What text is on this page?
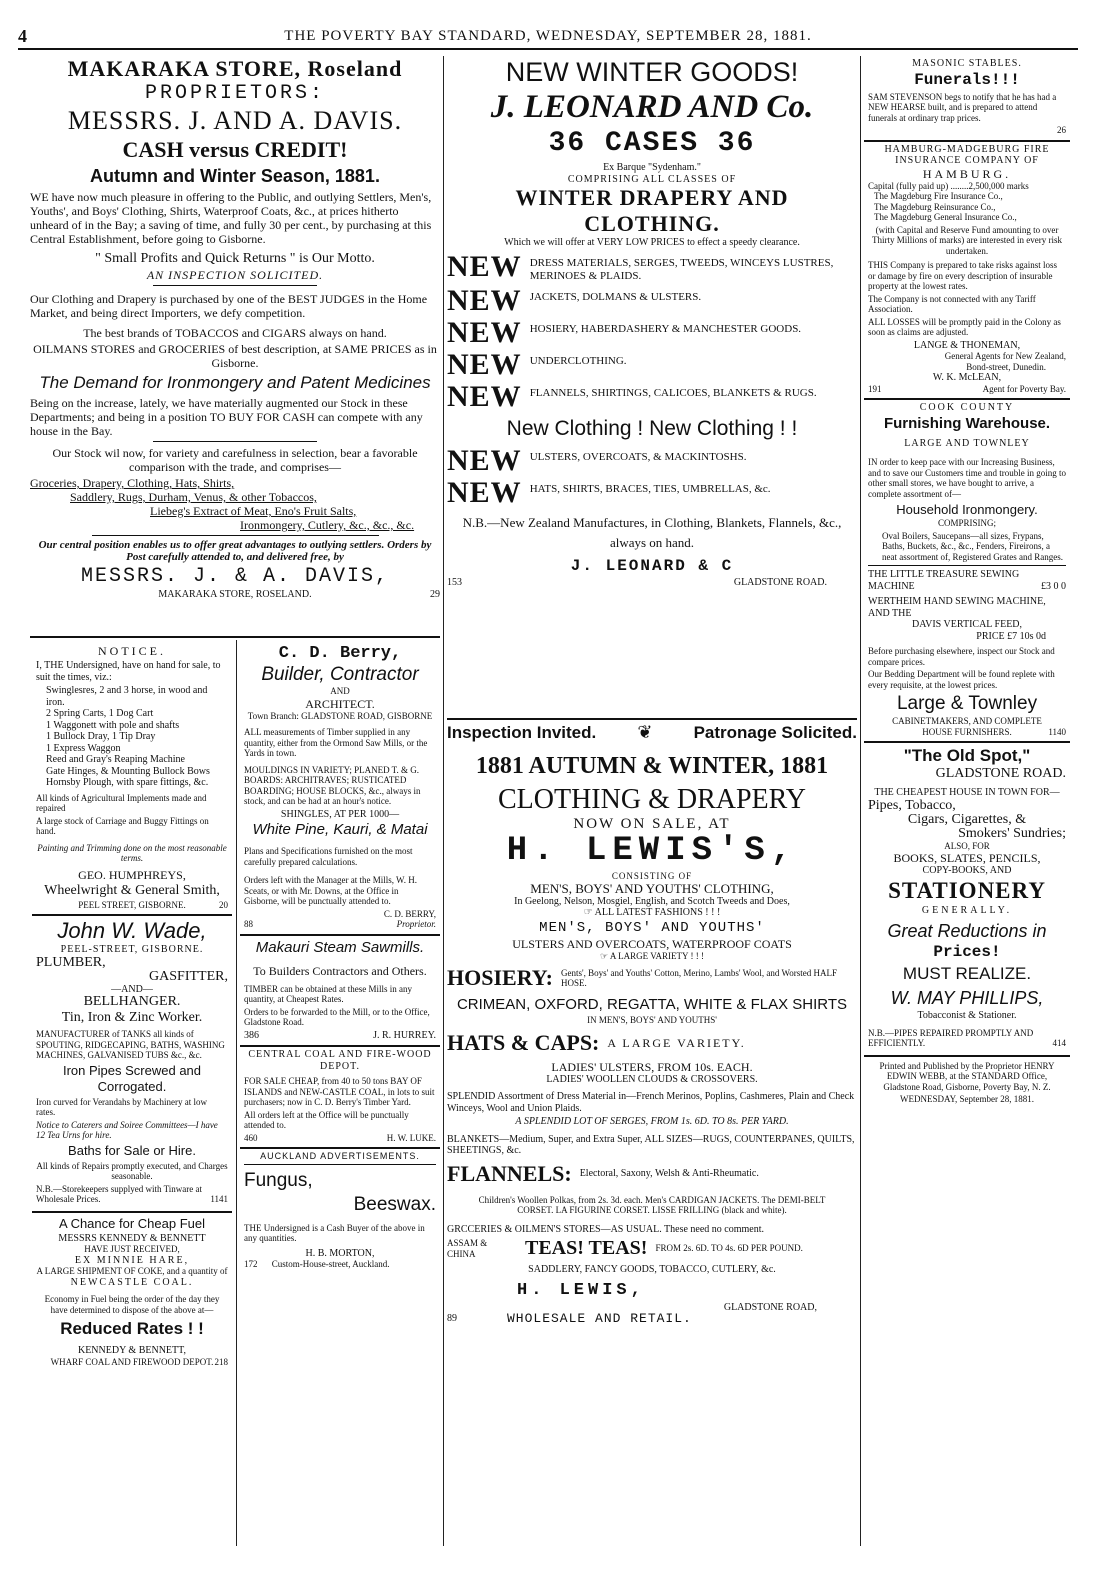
4	THE POVERTY BAY STANDARD, WEDNESDAY, SEPTEMBER 28, 1881.
MAKARAKA STORE, Roseland
PROPRIETORS:
MESSRS. J. AND A. DAVIS.
CASH versus CREDIT!
Autumn and Winter Season, 1881.

WE have now much pleasure in offering to the Public, and outlying Settlers, Men's, Youths', and Boys' Clothing, Shirts, Waterproof Coats, &c., at prices hitherto unheard of in the Bay; a saving of time, and fully 30 per cent., by purchasing at this Central Establishment, before going to Gisborne.

" Small Profits and Quick Returns " is Our Motto.
AN INSPECTION SOLICITED.

Our Clothing and Drapery is purchased by one of the BEST JUDGES in the Home Market, and being direct Importers, we defy competition.

The best brands of TOBACCOS and CIGARS always on hand.

OILMANS STORES and GROCERIES of best description, at SAME PRICES as in Gisborne.

The Demand for Ironmongery and Patent Medicines

Being on the increase, lately, we have materially augmented our Stock in these Departments; and being in a position TO BUY FOR CASH can compete with any house in the Bay.

Our Stock wil now, for variety and carefulness in selection, bear a favorable comparison with the trade, and comprises—

Groceries, Drapery, Clothing, Hats, Shirts,
Saddlery, Rugs, Durham, Venus, & other Tobaccos,
Liebeg's Extract of Meat, Eno's Fruit Salts,
Ironmongery, Cutlery, &c., &c., &c.

Our central position enables us to offer great advantages to outlying settlers. Orders by Post carefully attended to, and delivered free, by

MESSRS. J. & A. DAVIS,
MAKARAKA STORE, ROSELAND.	29
NOTICE.

I, THE Undersigned, have on hand for sale, to suit the times, viz.:

Swinglesres, 2 and 3 horse, in wood and iron.
2 Spring Carts, 1 Dog Cart
1 Waggonett with pole and shafts
1 Bullock Dray, 1 Tip Dray
1 Express Waggon
Reed and Gray's Reaping Machine
Gate Hinges, & Mounting Bullock Bows
Hornsby Plough, with spare fittings, &c.

All kinds of Agricultural Implements made and repaired

A large stock of Carriage and Buggy Fittings on hand.

Painting and Trimming done on the most reasonable terms.

GEO. HUMPHREYS,
Wheelwright & General Smith,
PEEL STREET, GISBORNE.	20
John W. Wade,
PEEL-STREET, GISBORNE.
PLUMBER,
GASFITTER,
—AND—
BELLHANGER.
Tin, Iron & Zinc Worker.

MANUFACTURER of TANKS all kinds of SPOUTING, RIDGECAPING, BATHS, WASHING MACHINES, GALVANISED TUBS &c., &c.

Iron Pipes Screwed and Corrogated.

Iron curved for Verandahs by Machinery at low rates.

Notice to Caterers and Soiree Committees—I have 12 Tea Urns for hire.

Baths for Sale or Hire.

All kinds of Repairs promptly executed, and Charges seasonable.

N.B.—Storekeepers supplyed with Tinware at Wholesale Prices.	1141

A Chance for Cheap Fuel
MESSRS KENNEDY & BENNETT
HAVE JUST RECEIVED,
EX MINNIE HARE,
A LARGE SHIPMENT OF COKE, and a quantity of
NEWCASTLE COAL.

Economy in Fuel being the order of the day they have determined to dispose of the above at—

Reduced Rates ! !
KENNEDY & BENNETT,
WHARF COAL AND FIREWOOD DEPOT. 218
C. D. Berry,
Builder, Contractor
AND
ARCHITECT.
Town Branch: GLADSTONE ROAD, GISBORNE

ALL measurements of Timber supplied in any quantity, either from the Ormond Saw Mills, or the Yards in town.

MOULDINGS IN VARIETY; PLANED T. & G. BOARDS: ARCHITRAVES; RUSTICATED BOARDING; HOUSE BLOCKS, &c., always in stock, and can be had at an hour's notice.

SHINGLES, AT PER 1000—
White Pine, Kauri, & Matai

Plans and Specifications furnished on the most carefully prepared calculations.

Orders left with the Manager at the Mills, W. H. Sceats, or with Mr. Downs, at the Office in Gisborne, will be punctually attended to.

C. D. BERRY,
88	Proprietor.
Makauri Steam Sawmills.
To Builders Contractors and Others.

TIMBER can be obtained at these Mills in any quantity, at Cheapest Rates.

Orders to be forwarded to the Mill, or to the Office, Gladstone Road.

386	J. R. HURREY.
CENTRAL COAL AND FIRE-WOOD DEPOT.

FOR SALE CHEAP, from 40 to 50 tons BAY OF ISLANDS and NEW-CASTLE COAL, in lots to suit purchasers; now in C. D. Berry's Timber Yard.

All orders left at the Office will be punctually attended to.

460	H. W. LUKE.
AUCKLAND ADVERTISEMENTS.
Fungus,
Beeswax.

THE Undersigned is a Cash Buyer of the above in any quantities.

H. B. MORTON,
172 Custom-House-street, Auckland.
NEW WINTER GOODS!
J. LEONARD AND Co.
36 CASES 36
Ex Barque "Sydenham."
COMPRISING ALL CLASSES OF
WINTER DRAPERY AND
CLOTHING.
Which we will offer at VERY LOW PRICES to effect a speedy clearance.
NEW DRESS MATERIALS, SERGES, TWEEDS, WINCEYS LUSTRES, MERINOES & PLAIDS.
NEW JACKETS, DOLMANS & ULSTERS.
NEW HOSIERY, HABERDASHERY & MANCHESTER GOODS.
NEW UNDERCLOTHING.
NEW FLANNELS, SHIRTINGS, CALICOES, BLANKETS & RUGS.
New Clothing ! New Clothing ! !
NEW ULSTERS, OVERCOATS, & MACKINTOSHS.
NEW HATS, SHIRTS, BRACES, TIES, UMBRELLAS, &c.

N.B.—New Zealand Manufactures, in Clothing, Blankets, Flannels, &c., always on hand.

J. LEONARD & C
153	GLADSTONE ROAD.
Inspection Invited. ❦ Patronage Solicited.
1881 AUTUMN & WINTER, 1881
CLOTHING & DRAPERY
NOW ON SALE, AT
H. LEWIS'S,
CONSISTING OF
MEN'S, BOYS' AND YOUTHS' CLOTHING,
In Geelong, Nelson, Mosgiel, English, and Scotch Tweeds and Does,
☞ ALL LATEST FASHIONS ! ! !
MEN'S, BOYS' AND YOUTHS'
ULSTERS AND OVERCOATS, WATERPROOF COATS
☞ A LARGE VARIETY ! ! !
HOSIERY: Gents', Boys' and Youths' Cotton, Merino, Lambs' Wool, and Worsted HALF HOSE.
CRIMEAN, OXFORD, REGATTA, WHITE & FLAX SHIRTS
IN MEN'S, BOYS' AND YOUTHS'
HATS & CAPS: A LARGE VARIETY.
LADIES' ULSTERS, FROM 10s. EACH.
LADIES' WOOLLEN CLOUDS & CROSSOVERS.

SPLENDID Assortment of Dress Material in—French Merinos, Poplins, Cashmeres, Plain and Check Winceys, Wool and Union Plaids.

A SPLENDID LOT OF SERGES, FROM 1s. 6D. TO 8s. PER YARD.

BLANKETS—Medium, Super, and Extra Super, ALL SIZES—RUGS, COUNTERPANES, QUILTS, SHEETINGS, &c.

FLANNELS: Electoral, Saxony, Welsh & Anti-Rheumatic.

Children's Woollen Polkas, from 2s. 3d. each. Men's CARDIGAN JACKETS. The DEMI-BELT CORSET. LA FIGURINE CORSET. LISSE FRILLING (black and white).

GRCCERIES & OILMEN'S STORES—AS USUAL. These need no comment.

ASSAM & CHINA	TEAS! TEAS! FROM 2s. 6D. TO 4s. 6D PER POUND.
SADDLERY, FANCY GOODS, TOBACCO, CUTLERY, &c.
H. LEWIS,
GLADSTONE ROAD,
89	WHOLESALE AND RETAIL.
MASONIC STABLES.
Funerals!!!

SAM STEVENSON begs to notify that he has had a NEW HEARSE built, and is prepared to attend funerals at ordinary trap prices.

26
HAMBURG-MADGEBURG FIRE INSURANCE COMPANY OF
HAMBURG.
Capital (fully paid up) ........2,500,000 marks
The Magdeburg Fire Insurance Co.,
The Magdeburg Reinsurance Co.,
The Magdeburg General Insurance Co.,

(with Capital and Reserve Fund amounting to over Thirty Millions of marks) are interested in every risk undertaken.

THIS Company is prepared to take risks against loss or damage by fire on every description of insurable property at the lowest rates.

The Company is not connected with any Tariff Association.

ALL LOSSES will be promptly paid in the Colony as soon as claims are adjusted.

LANGE & THONEMAN,
General Agents for New Zealand,
Bond-street, Dunedin.
W. K. McLEAN,
191	Agent for Poverty Bay.
COOK COUNTY
Furnishing Warehouse.
LARGE AND TOWNLEY

IN order to keep pace with our Increasing Business, and to save our Customers time and trouble in going to other small stores, we have bought to arrive, a complete assortment of—

Household Ironmongery.
COMPRISING;

Oval Boilers, Saucepans—all sizes, Frypans, Baths, Buckets, &c., &c., Fenders, Fireirons, a neat assortment of, Registered Grates and Ranges.

THE LITTLE TREASURE SEWING MACHINE	£3 0 0
WERTHEIM HAND SEWING MACHINE, AND THE
DAVIS VERTICAL FEED,
PRICE £7 10s 0d

Before purchasing elsewhere, inspect our Stock and compare prices.

Our Bedding Department will be found replete with every requisite, at the lowest prices.

Large & Townley
CABINETMAKERS, AND COMPLETE
HOUSE FURNISHERS.	1140
"The Old Spot,"
GLADSTONE ROAD.
THE CHEAPEST HOUSE IN TOWN FOR—
Pipes, Tobacco,
Cigars, Cigarettes, &
Smokers' Sundries;
ALSO, FOR
BOOKS, SLATES, PENCILS,
COPY-BOOKS, AND
STATIONERY
GENERALLY.
Great Reductions in
Prices!
MUST REALIZE.
W. MAY PHILLIPS,
Tobacconist & Stationer.

N.B.—PIPES REPAIRED PROMPTLY AND EFFICIENTLY.	414

Printed and Published by the Proprietor HENRY EDWIN WEBB, at the STANDARD Office, Gladstone Road, Gisborne, Poverty Bay, N. Z.

WEDNESDAY, September 28, 1881.
